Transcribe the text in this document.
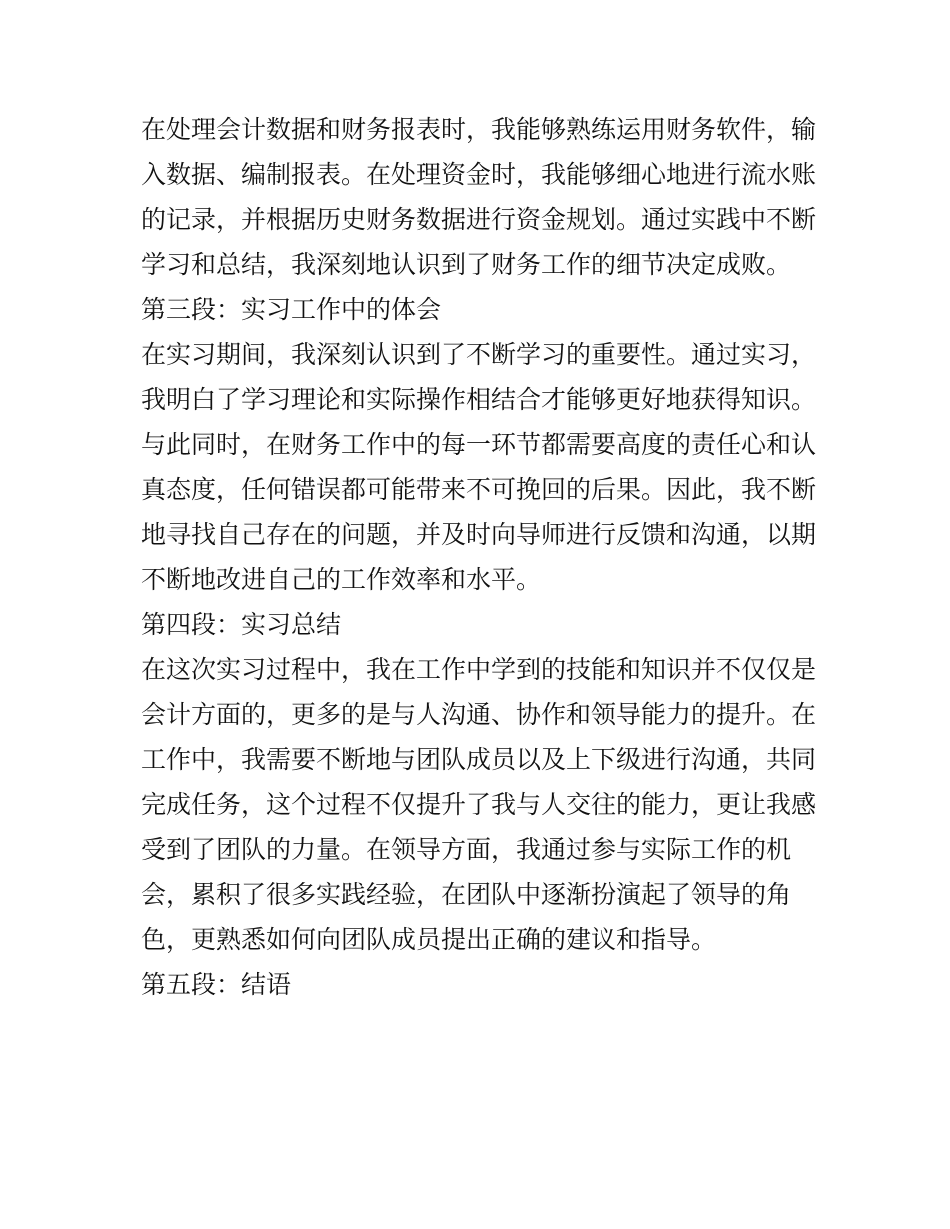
在处理会计数据和财务报表时，我能够熟练运用财务软件，输
入数据、编制报表。在处理资金时，我能够细心地进行流水账
的记录，并根据历史财务数据进行资金规划。通过实践中不断
学习和总结，我深刻地认识到了财务工作的细节决定成败。
第三段：实习工作中的体会
在实习期间，我深刻认识到了不断学习的重要性。通过实习，
我明白了学习理论和实际操作相结合才能够更好地获得知识。
与此同时，在财务工作中的每一环节都需要高度的责任心和认
真态度，任何错误都可能带来不可挽回的后果。因此，我不断
地寻找自己存在的问题，并及时向导师进行反馈和沟通，以期
不断地改进自己的工作效率和水平。
第四段：实习总结
在这次实习过程中，我在工作中学到的技能和知识并不仅仅是
会计方面的，更多的是与人沟通、协作和领导能力的提升。在
工作中，我需要不断地与团队成员以及上下级进行沟通，共同
完成任务，这个过程不仅提升了我与人交往的能力，更让我感
受到了团队的力量。在领导方面，我通过参与实际工作的机
会，累积了很多实践经验，在团队中逐渐扮演起了领导的角
色，更熟悉如何向团队成员提出正确的建议和指导。
第五段：结语
